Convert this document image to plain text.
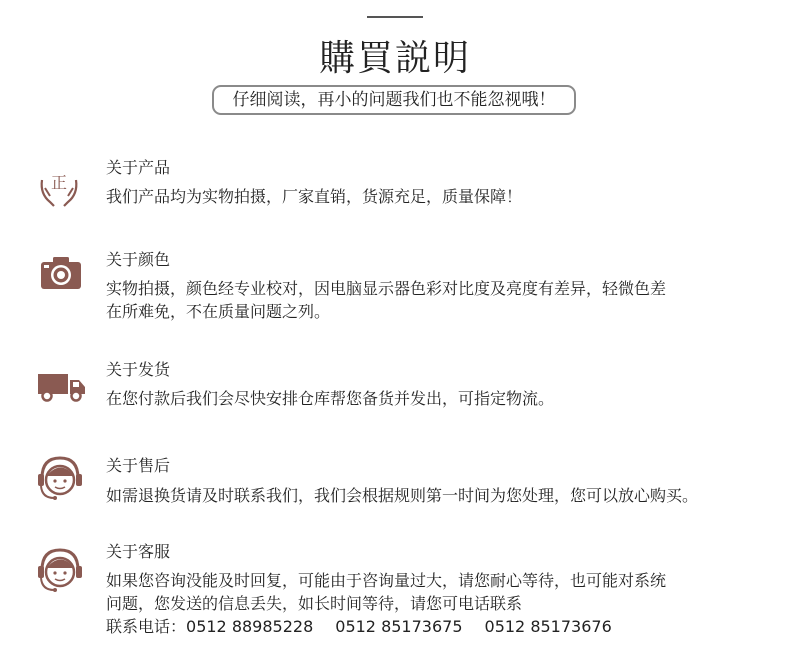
購買説明
仔细阅读，再小的问题我们也不能忽视哦！
正
关于产品
我们产品均为实物拍摄，厂家直销，货源充足，质量保障！
关于颜色
实物拍摄，颜色经专业校对，因电脑显示器色彩对比度及亮度有差异，轻微色差
在所难免，不在质量问题之列。
关于发货
在您付款后我们会尽快安排仓库帮您备货并发出，可指定物流。
关于售后
如需退换货请及时联系我们，我们会根据规则第一时间为您处理，您可以放心购买。
关于客服
如果您咨询没能及时回复，可能由于咨询量过大，请您耐心等待，也可能对系统
问题，您发送的信息丢失，如长时间等待，请您可电话联系
联系电话：0512 88985228 0512 85173675 0512 85173676
